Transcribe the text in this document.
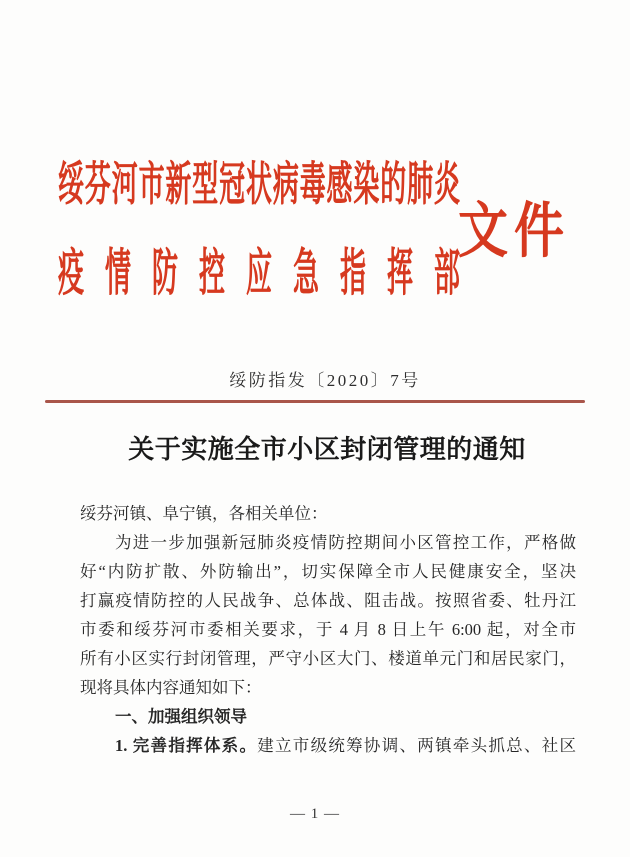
绥芬河市新型冠状病毒感染的肺炎
疫情防控应急指挥部
文件
绥防指发〔2020〕7号
关于实施全市小区封闭管理的通知
绥芬河镇、阜宁镇，各相关单位：
为进一步加强新冠肺炎疫情防控期间小区管控工作，严格做
好“内防扩散、外防输出”，切实保障全市人民健康安全，坚决
打赢疫情防控的人民战争、总体战、阻击战。按照省委、牡丹江
市委和绥芬河市委相关要求，于 4 月 8 日上午 6:00 起，对全市
所有小区实行封闭管理，严守小区大门、楼道单元门和居民家门，
现将具体内容通知如下：
一、加强组织领导
1. 完善指挥体系。建立市级统筹协调、两镇牵头抓总、社区
— 1 —
